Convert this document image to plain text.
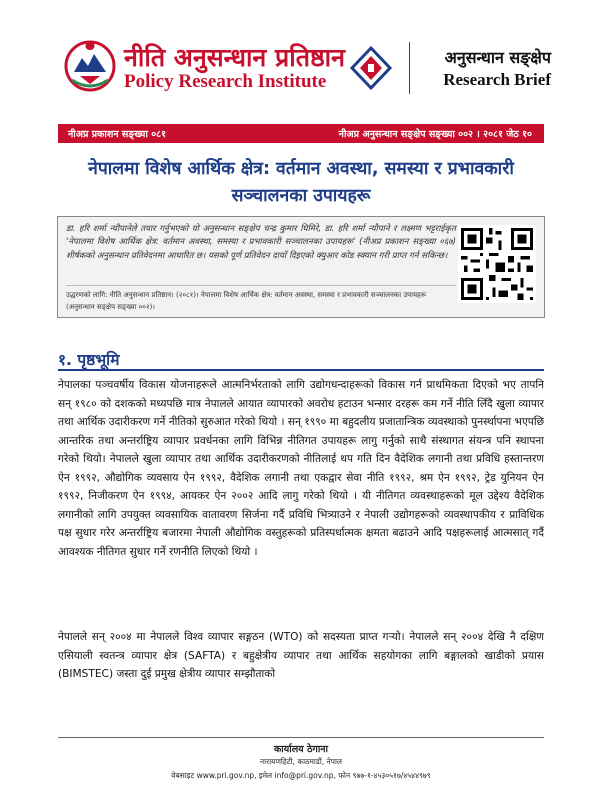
नीति अनुसन्धान प्रतिष्ठान
Policy Research Institute
अनुसन्धान सङ्क्षेप
Research Brief
नीअप्र प्रकाशन सङ्ख्या ०८१	नीअप्र अनुसन्धान सङ्क्षेप सङ्ख्या ००२ । २०८१ जेठ १०
नेपालमा विशेष आर्थिक क्षेत्र: वर्तमान अवस्था, समस्या र प्रभावकारी सञ्चालनका उपायहरू
डा. हरि शर्मा न्यौपानेले तयार गर्नुभएको यो अनुसन्धान सङ्क्षेप चन्द्र कुमार घिमिरे, डा. हरि शर्मा न्यौपाने र लक्ष्मण भट्टराईकृत 'नेपालमा विशेष आर्थिक क्षेत्र: वर्तमान अवस्था, समस्या र प्रभावकारी सञ्चालनका उपायहरू' (नीअप्र प्रकाशन सङ्ख्या ०६७) शीर्षकको अनुसन्धान प्रतिवेदनमा आधारित छ। यसको पूर्ण प्रतिवेदन दायाँ दिइएको क्युआर कोड स्क्यान गरी प्राप्त गर्न सकिन्छ।
उद्धरणको लागि: नीति अनुसन्धान प्रतिष्ठान। (२०८१)। नेपालमा विशेष आर्थिक क्षेत्र: वर्तमान अवस्था, समस्या र प्रभावकारी सञ्चालनका उपायहरू (अनुसन्धान सङ्क्षेप सङ्ख्या ००२)।
१. पृष्ठभूमि
नेपालका पञ्चवर्षीय विकास योजनाहरूले आत्मनिर्भरताको लागि उद्योगधन्दाहरूको विकास गर्न प्राथमिकता दिएको भए तापनि सन् १९८० को दशकको मध्यपछि मात्र नेपालले आयात व्यापारको अवरोध हटाउन भन्सार दरहरू कम गर्ने नीति लिँदै खुला व्यापार तथा आर्थिक उदारीकरण गर्ने नीतिको सुरुआत गरेको थियो । सन् १९९० मा बहुदलीय प्रजातान्त्रिक व्यवस्थाको पुनर्स्थापना भएपछि आन्तरिक तथा अन्तर्राष्ट्रिय व्यापार प्रवर्धनका लागि विभिन्न नीतिगत उपायहरू लागु गर्नुको साथै संस्थागत संयन्त्र पनि स्थापना गरेको थियो। नेपालले खुला व्यापार तथा आर्थिक उदारीकरणको नीतिलाई थप गति दिन वैदेशिक लगानी तथा प्रविधि हस्तान्तरण ऐन १९९२, औद्योगिक व्यवसाय ऐन १९९२, वैदेशिक लगानी तथा एकद्वार सेवा नीति १९९२, श्रम ऐन १९९२, ट्रेड युनियन ऐन १९९२, निजीकरण ऐन १९९४, आयकर ऐन २००२ आदि लागु गरेको थियो । यी नीतिगत व्यवस्थाहरूको मूल उद्देश्य वैदेशिक लगानीको लागि उपयुक्त व्यवसायिक वातावरण सिर्जना गर्दै प्रविधि भित्र्याउने र नेपाली उद्योगहरूको व्यवस्थापकीय र प्राविधिक पक्ष सुधार गरेर अन्तर्राष्ट्रिय बजारमा नेपाली औद्योगिक वस्तुहरूको प्रतिस्पर्धात्मक क्षमता बढाउने आदि पक्षहरूलाई आत्मसात् गर्दै आवश्यक नीतिगत सुधार गर्ने रणनीति लिएको थियो ।
नेपालले सन् २००४ मा नेपालले विश्व व्यापार सङ्गठन (WTO) को सदस्यता प्राप्त गऱ्यो। नेपालले सन् २००४ देखि नै दक्षिण एसियाली स्वतन्त्र व्यापार क्षेत्र (SAFTA) र बहुक्षेत्रीय व्यापार तथा आर्थिक सहयोगका लागि बङ्गालको खाडीको प्रयास (BIMSTEC) जस्ता दुई प्रमुख क्षेत्रीय व्यापार सम्झौताको
कार्यालय ठेगाना
नारायणहिटी, काठमाडौं, नेपाल
वेबसाइट www.pri.gov.np, इमेल info@pri.gov.np, फोन ९७७-१-४५३०५१७/४५४४९७९
